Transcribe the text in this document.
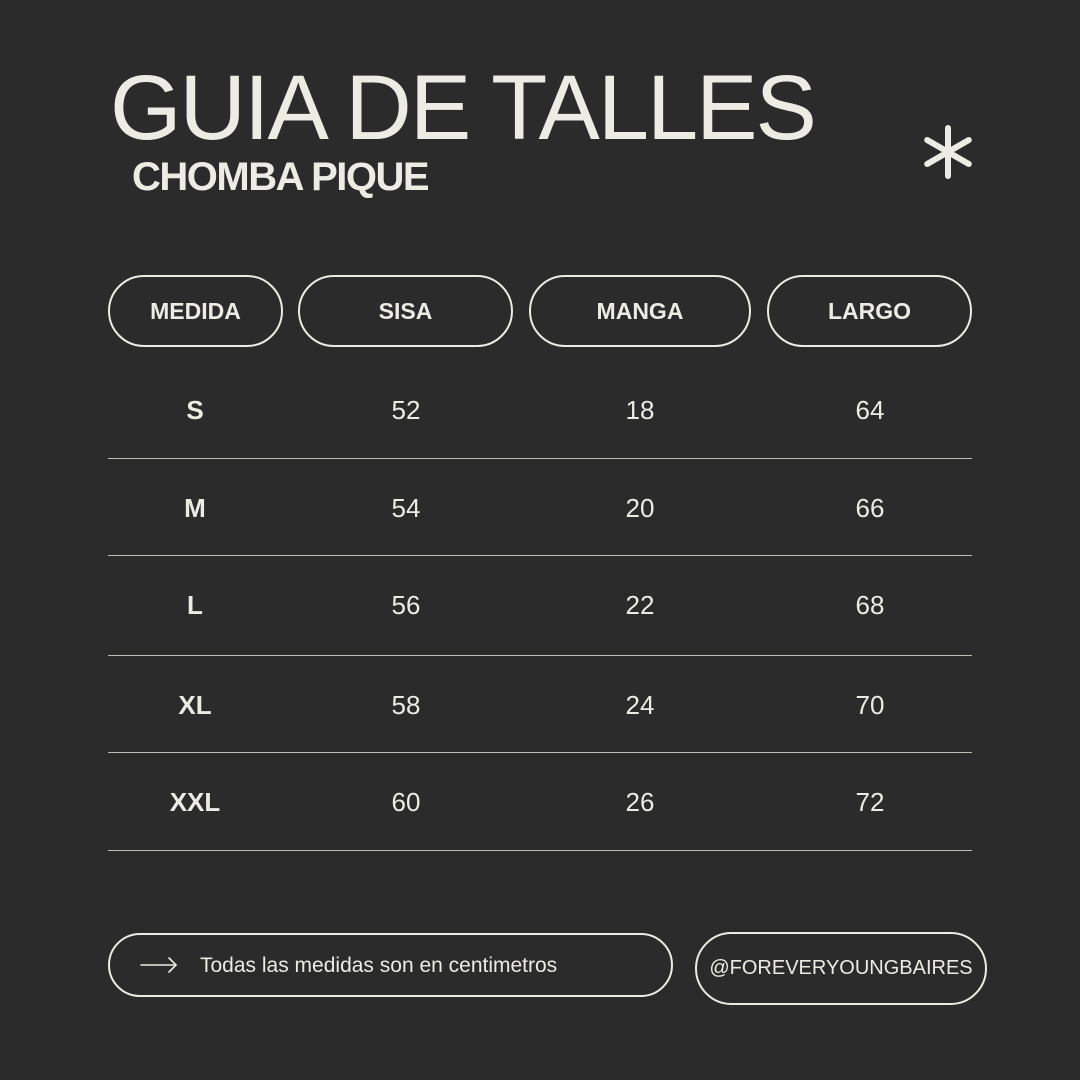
GUIA DE TALLES
CHOMBA PIQUE
MEDIDA	SISA	MANGA	LARGO
S	52	18	64
M	54	20	66
L	56	22	68
XL	58	24	70
XXL	60	26	72
Todas las medidas son en centimetros	@FOREVERYOUNGBAIRES
